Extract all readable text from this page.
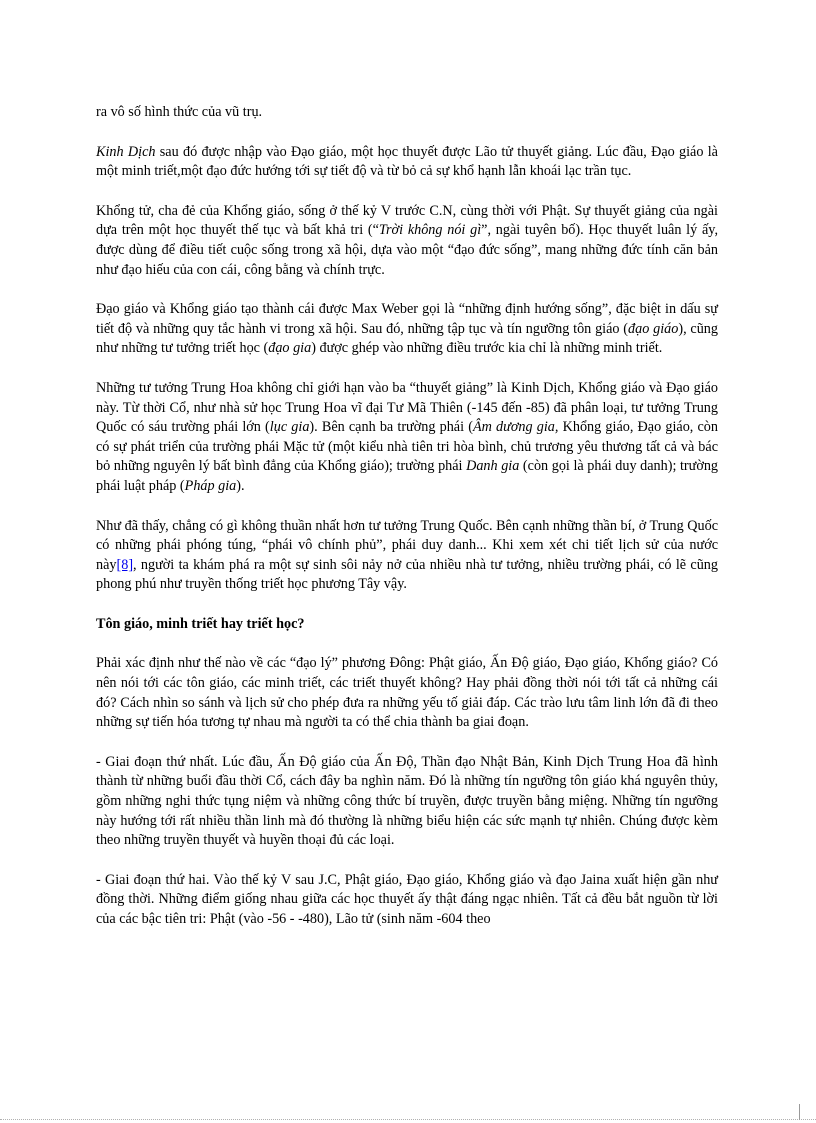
ra vô số hình thức của vũ trụ.

Kinh Dịch sau đó được nhập vào Đạo giáo, một học thuyết được Lão tử thuyết giảng. Lúc đầu, Đạo giáo là một minh triết,một đạo đức hướng tới sự tiết độ và từ bỏ cả sự khổ hạnh lẫn khoái lạc trần tục.

Khổng tử, cha đẻ của Khổng giáo, sống ở thế kỷ V trước C.N, cùng thời với Phật. Sự thuyết giảng của ngài dựa trên một học thuyết thế tục và bất khả tri (“Trời không nói gì”, ngài tuyên bố). Học thuyết luân lý ấy, được dùng để điều tiết cuộc sống trong xã hội, dựa vào một “đạo đức sống”, mang những đức tính căn bản như đạo hiếu của con cái, công bằng và chính trực.

Đạo giáo và Khổng giáo tạo thành cái được Max Weber gọi là “những định hướng sống”, đặc biệt in dấu sự tiết độ và những quy tắc hành vi trong xã hội. Sau đó, những tập tục và tín ngưỡng tôn giáo (đạo giáo), cũng như những tư tưởng triết học (đạo gia) được ghép vào những điều trước kia chỉ là những minh triết.

Những tư tưởng Trung Hoa không chỉ giới hạn vào ba “thuyết giảng” là Kinh Dịch, Khổng giáo và Đạo giáo này. Từ thời Cổ, như nhà sử học Trung Hoa vĩ đại Tư Mã Thiên (-145 đến -85) đã phân loại, tư tưởng Trung Quốc có sáu trường phái lớn (lục gia). Bên cạnh ba trường phái (Âm dương gia, Khổng giáo, Đạo giáo, còn có sự phát triển của trường phái Mặc tử (một kiểu nhà tiên tri hòa bình, chủ trương yêu thương tất cả và bác bỏ những nguyên lý bất bình đẳng của Khổng giáo); trường phái Danh gia (còn gọi là phái duy danh); trường phái luật pháp (Pháp gia).

Như đã thấy, chẳng có gì không thuần nhất hơn tư tưởng Trung Quốc. Bên cạnh những thần bí, ở Trung Quốc có những phái phóng túng, “phái vô chính phủ”, phái duy danh... Khi xem xét chi tiết lịch sử của nước này[8], người ta khám phá ra một sự sinh sôi nảy nở của nhiều nhà tư tưởng, nhiều trường phái, có lẽ cũng phong phú như truyền thống triết học phương Tây vậy.

Tôn giáo, minh triết hay triết học?

Phải xác định như thế nào về các “đạo lý” phương Đông: Phật giáo, Ấn Độ giáo, Đạo giáo, Khổng giáo? Có nên nói tới các tôn giáo, các minh triết, các triết thuyết không? Hay phải đồng thời nói tới tất cả những cái đó? Cách nhìn so sánh và lịch sử cho phép đưa ra những yếu tố giải đáp. Các trào lưu tâm linh lớn đã đi theo những sự tiến hóa tương tự nhau mà người ta có thể chia thành ba giai đoạn.

- Giai đoạn thứ nhất. Lúc đầu, Ấn Độ giáo của Ấn Độ, Thần đạo Nhật Bản, Kinh Dịch Trung Hoa đã hình thành từ những buổi đầu thời Cổ, cách đây ba nghìn năm. Đó là những tín ngưỡng tôn giáo khá nguyên thủy, gồm những nghi thức tụng niệm và những công thức bí truyền, được truyền bằng miệng. Những tín ngưỡng này hướng tới rất nhiều thần linh mà đó thường là những biểu hiện các sức mạnh tự nhiên. Chúng được kèm theo những truyền thuyết và huyền thoại đủ các loại.

- Giai đoạn thứ hai. Vào thế kỷ V sau J.C, Phật giáo, Đạo giáo, Khổng giáo và đạo Jaina xuất hiện gần như đồng thời. Những điểm giống nhau giữa các học thuyết ấy thật đáng ngạc nhiên. Tất cả đều bắt nguồn từ lời của các bậc tiên tri: Phật (vào -56 - -480), Lão tử (sinh năm -604 theo
